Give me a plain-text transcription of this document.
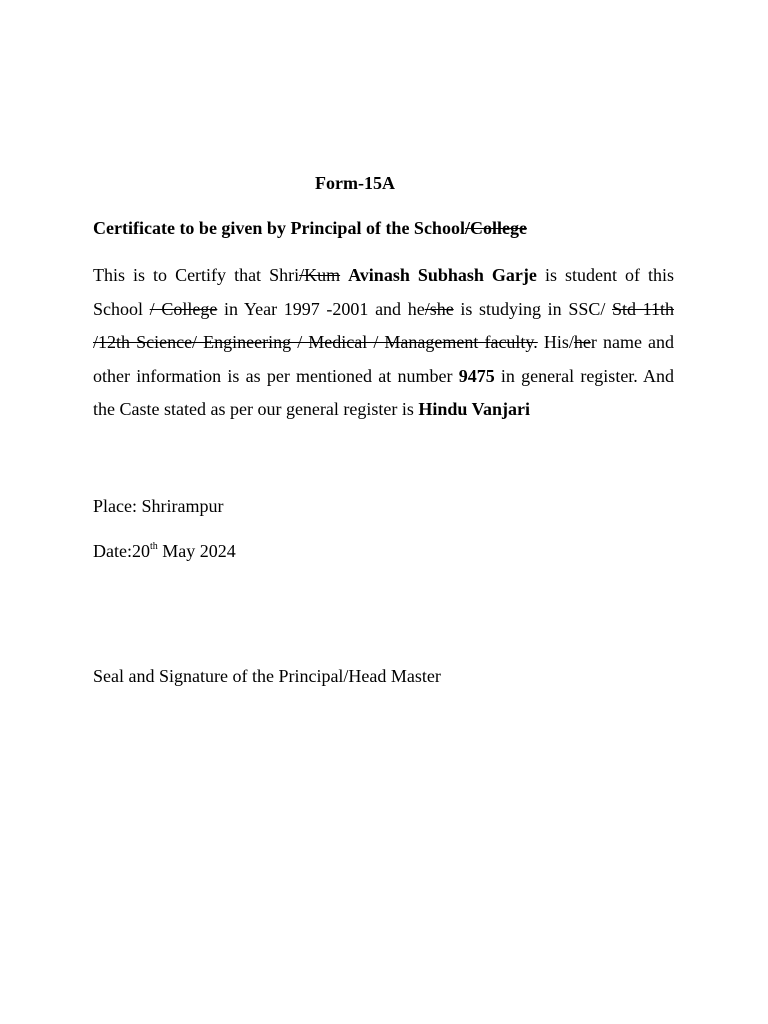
Form-15A
Certificate to be given by Principal of the School/College
This is to Certify that Shri/Kum Avinash Subhash Garje is student of this School / College in Year 1997 -2001 and he/she is studying in SSC/ Std 11th /12th Science/ Engineering / Medical / Management faculty. His/her name and other information is as per mentioned at number 9475 in general register. And the Caste stated as per our general register is Hindu Vanjari
Place: Shrirampur
Date:20th May 2024
Seal and Signature of the Principal/Head Master
